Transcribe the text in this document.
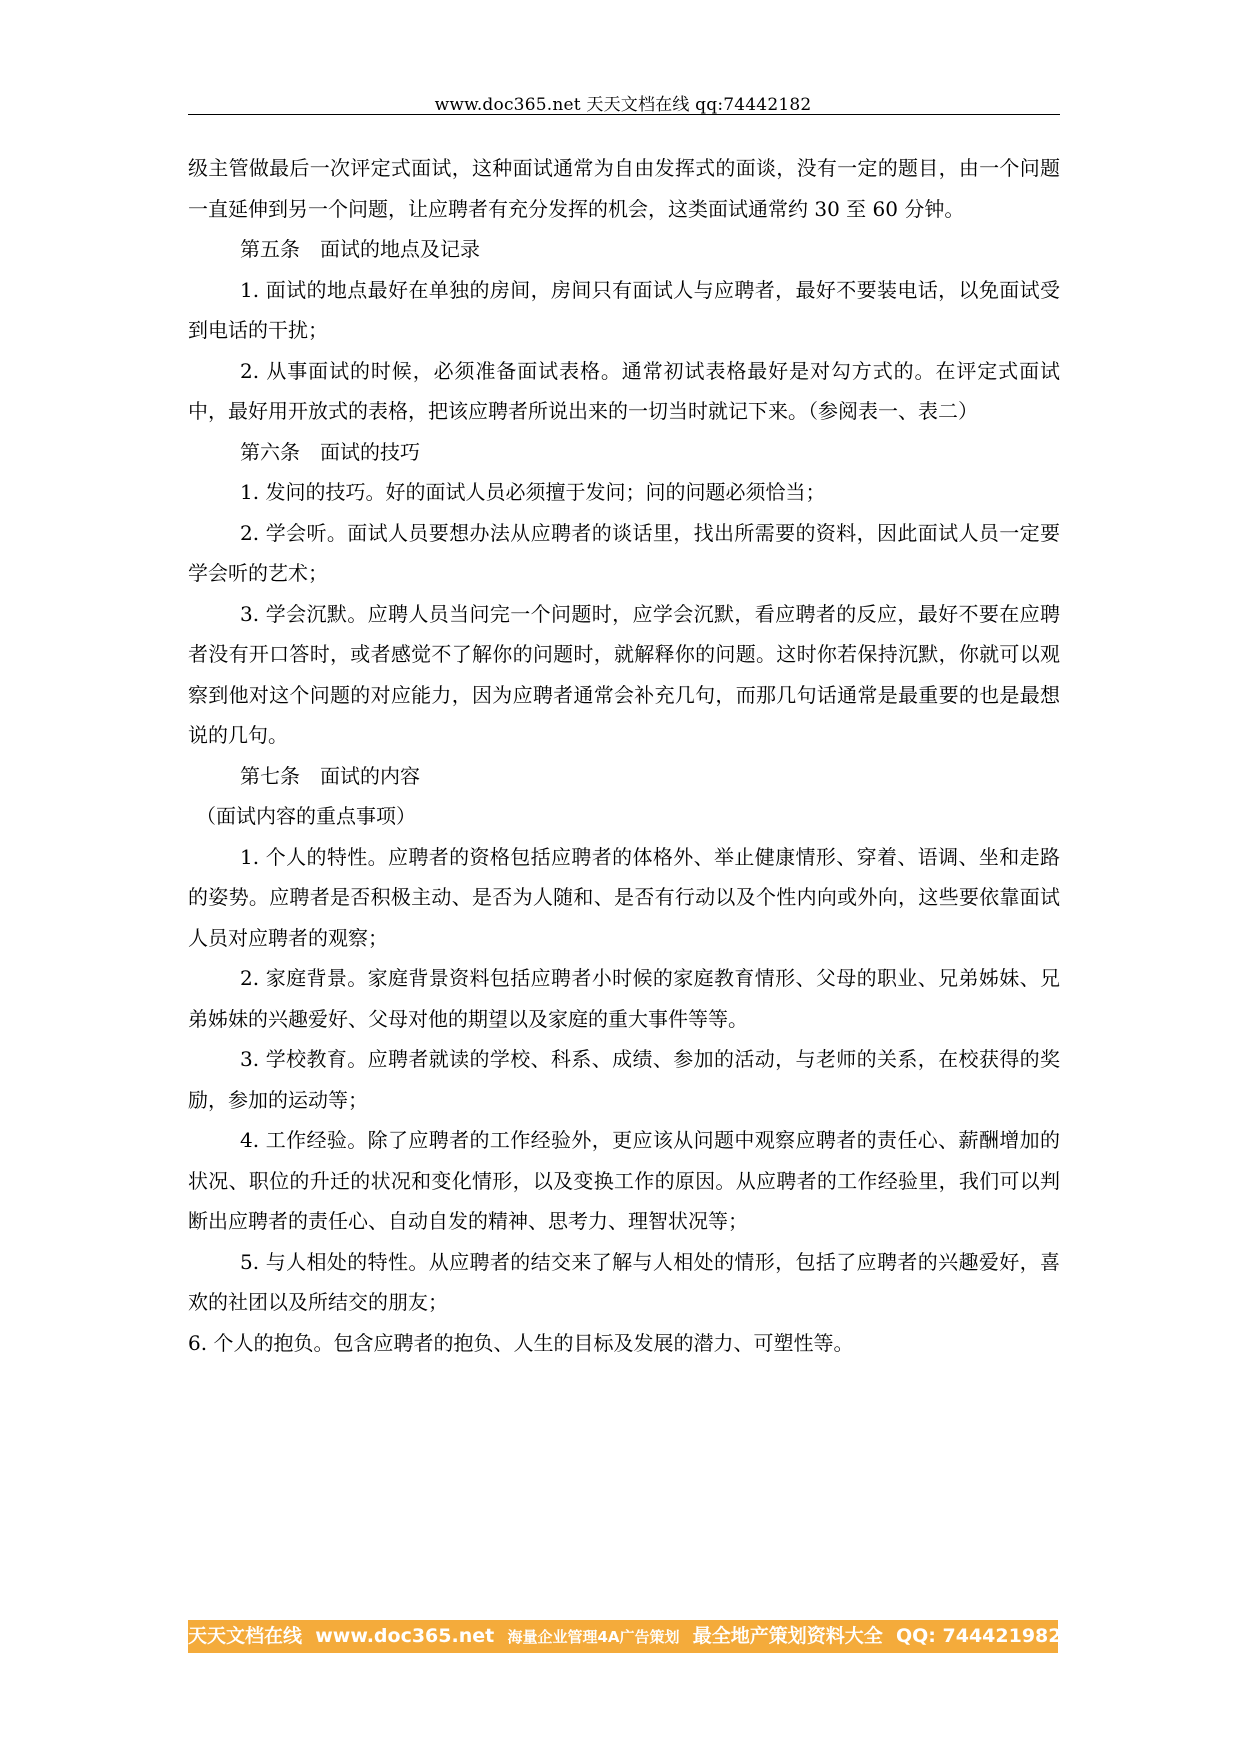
www.doc365.net 天天文档在线 qq:74442182

级主管做最后一次评定式面试，这种面试通常为自由发挥式的面谈，没有一定的题目，由一个问题一直延伸到另一个问题，让应聘者有充分发挥的机会，这类面试通常约 30 至 60 分钟。

第五条　面试的地点及记录

1. 面试的地点最好在单独的房间，房间只有面试人与应聘者，最好不要装电话，以免面试受到电话的干扰；

2. 从事面试的时候，必须准备面试表格。通常初试表格最好是对勾方式的。在评定式面试中，最好用开放式的表格，把该应聘者所说出来的一切当时就记下来。（参阅表一、表二）

第六条　面试的技巧

1. 发问的技巧。好的面试人员必须擅于发问；问的问题必须恰当；

2. 学会听。面试人员要想办法从应聘者的谈话里，找出所需要的资料，因此面试人员一定要学会听的艺术；

3. 学会沉默。应聘人员当问完一个问题时，应学会沉默，看应聘者的反应，最好不要在应聘者没有开口答时，或者感觉不了解你的问题时，就解释你的问题。这时你若保持沉默，你就可以观察到他对这个问题的对应能力，因为应聘者通常会补充几句，而那几句话通常是最重要的也是最想说的几句。

第七条　面试的内容

（面试内容的重点事项）

1. 个人的特性。应聘者的资格包括应聘者的体格外、举止健康情形、穿着、语调、坐和走路的姿势。应聘者是否积极主动、是否为人随和、是否有行动以及个性内向或外向，这些要依靠面试人员对应聘者的观察；

2. 家庭背景。家庭背景资料包括应聘者小时候的家庭教育情形、父母的职业、兄弟姊妹、兄弟姊妹的兴趣爱好、父母对他的期望以及家庭的重大事件等等。

3. 学校教育。应聘者就读的学校、科系、成绩、参加的活动，与老师的关系，在校获得的奖励，参加的运动等；

4. 工作经验。除了应聘者的工作经验外，更应该从问题中观察应聘者的责任心、薪酬增加的状况、职位的升迁的状况和变化情形，以及变换工作的原因。从应聘者的工作经验里，我们可以判断出应聘者的责任心、自动自发的精神、思考力、理智状况等；

5. 与人相处的特性。从应聘者的结交来了解与人相处的情形，包括了应聘者的兴趣爱好，喜欢的社团以及所结交的朋友；

6. 个人的抱负。包含应聘者的抱负、人生的目标及发展的潜力、可塑性等。

天天文档在线 www.doc365.net 海量企业管理4A广告策划 最全地产策划资料大全 QQ: 744421982
